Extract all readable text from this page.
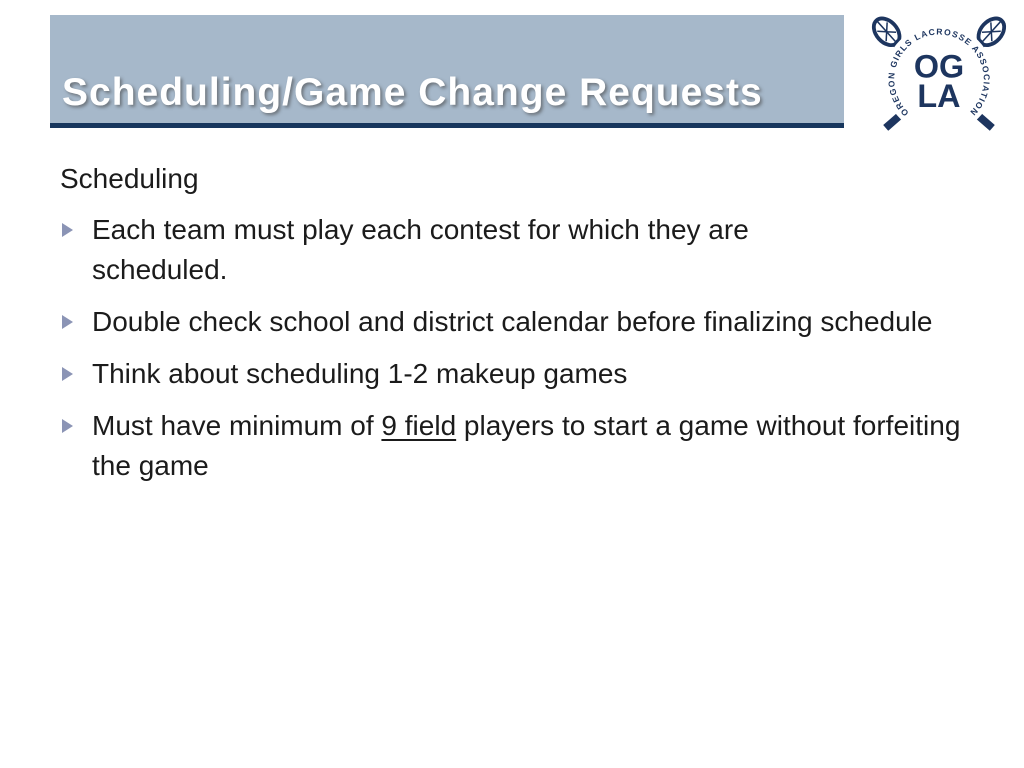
Scheduling/Game Change Requests	OREGON GIRLS LACROSSE ASSOCIATION
OG
LA
Scheduling
Each team must play each contest for which they are scheduled.
Double check school and district calendar before finalizing schedule
Think about scheduling 1-2 makeup games
Must have minimum of 9 field players to start a game without forfeiting the game
